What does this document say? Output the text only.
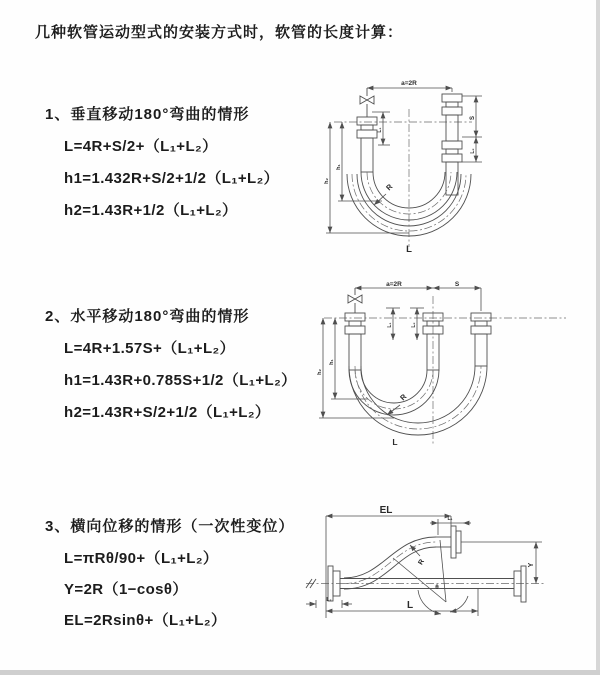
几种软管运动型式的安装方式时，软管的长度计算：
1、垂直移动180°弯曲的情形
L=4R+S/2+（L₁+L₂）
h1=1.432R+S/2+1/2（L₁+L₂）
h2=1.43R+1/2（L₁+L₂）
2、水平移动180°弯曲的情形
L=4R+1.57S+（L₁+L₂）
h1=1.43R+0.785S+1/2（L₁+L₂）
h2=1.43R+S/2+1/2（L₁+L₂）
3、横向位移的情形（一次性变位）
L=πRθ/90+（L₁+L₂）
Y=2R（1−cosθ）
EL=2Rsinθ+（L₁+L₂）
a=2R
h₂
h₁
L₁
S
L₂
R
L
a=2R	S
h₂
h₁
L₁	L₂
R
L
EL
L₁
Y
R
θ
L₂	L
